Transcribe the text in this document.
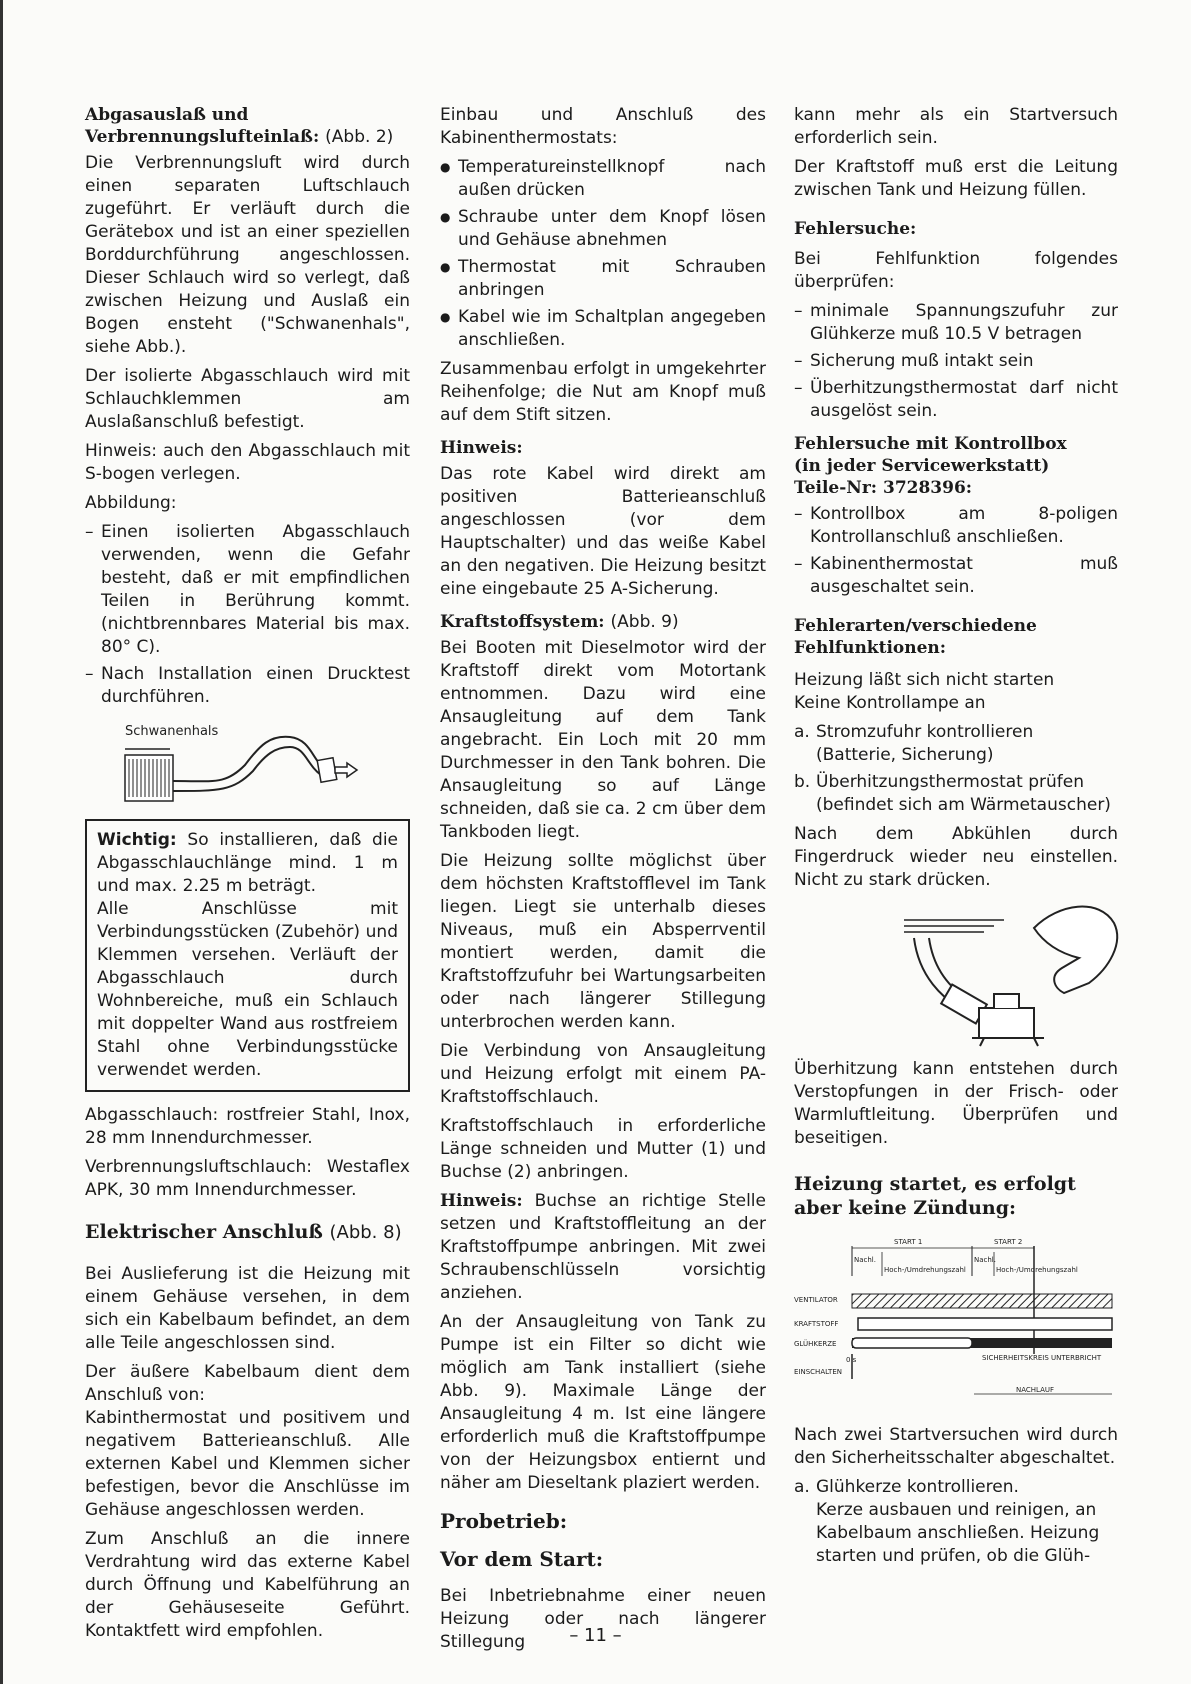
Abgasauslaß und Verbrennungslufteinlaß: (Abb. 2)

Die Verbrennungsluft wird durch einen separaten Luftschlauch zugeführt. Er verläuft durch die Gerätebox und ist an einer speziellen Borddurchführung angeschlossen. Dieser Schlauch wird so verlegt, daß zwischen Heizung und Auslaß ein Bogen ensteht ("Schwanenhals", siehe Abb.).

Der isolierte Abgasschlauch wird mit Schlauchklemmen am Auslaßanschluß befestigt.

Hinweis: auch den Abgasschlauch mit S-bogen verlegen.

Abbildung:

– Einen isolierten Abgasschlauch verwenden, wenn die Gefahr besteht, daß er mit empfindlichen Teilen in Berührung kommt. (nichtbrennbares Material bis max. 80° C).
– Nach Installation einen Drucktest durchführen.
Schwanenhals

Wichtig: So installieren, daß die Abgasschlauchlänge mind. 1 m und max. 2.25 m beträgt.

Alle Anschlüsse mit Verbindungsstücken (Zubehör) und Klemmen versehen. Verläuft der Abgasschlauch durch Wohnbereiche, muß ein Schlauch mit doppelter Wand aus rostfreiem Stahl ohne Verbindungsstücke verwendet werden.

Abgasschlauch: rostfreier Stahl, Inox, 28 mm Innendurchmesser.

Verbrennungsluftschlauch: Westaflex APK, 30 mm Innendurchmesser.

Elektrischer Anschluß (Abb. 8)

Bei Auslieferung ist die Heizung mit einem Gehäuse versehen, in dem sich ein Kabelbaum befindet, an dem alle Teile angeschlossen sind.

Der äußere Kabelbaum dient dem Anschluß von:

Kabinthermostat und positivem und negativem Batterieanschluß. Alle externen Kabel und Klemmen sicher befestigen, bevor die Anschlüsse im Gehäuse angeschlossen werden.

Zum Anschluß an die innere Verdrahtung wird das externe Kabel durch Öffnung und Kabelführung an der Gehäuseseite Geführt. Kontaktfett wird empfohlen.

Einbau und Anschluß des Kabinenthermostats:

● Temperatureinstellknopf nach außen drücken
● Schraube unter dem Knopf lösen und Gehäuse abnehmen
● Thermostat mit Schrauben anbringen
● Kabel wie im Schaltplan angegeben anschließen.

Zusammenbau erfolgt in umgekehrter Reihenfolge; die Nut am Knopf muß auf dem Stift sitzen.

Hinweis:

Das rote Kabel wird direkt am positiven Batterieanschluß angeschlossen (vor dem Hauptschalter) und das weiße Kabel an den negativen. Die Heizung besitzt eine eingebaute 25 A-Sicherung.

Kraftstoffsystem: (Abb. 9)

Bei Booten mit Dieselmotor wird der Kraftstoff direkt vom Motortank entnommen. Dazu wird eine Ansaugleitung auf dem Tank angebracht. Ein Loch mit 20 mm Durchmesser in den Tank bohren. Die Ansaugleitung so auf Länge schneiden, daß sie ca. 2 cm über dem Tankboden liegt.

Die Heizung sollte möglichst über dem höchsten Kraftstofflevel im Tank liegen. Liegt sie unterhalb dieses Niveaus, muß ein Absperrventil montiert werden, damit die Kraftstoffzufuhr bei Wartungsarbeiten oder nach längerer Stillegung unterbrochen werden kann.

Die Verbindung von Ansaugleitung und Heizung erfolgt mit einem PA-Kraftstoffschlauch.

Kraftstoffschlauch in erforderliche Länge schneiden und Mutter (1) und Buchse (2) anbringen.

Hinweis: Buchse an richtige Stelle setzen und Kraftstoffleitung an der Kraftstoffpumpe anbringen. Mit zwei Schraubenschlüsseln vorsichtig anziehen.

An der Ansaugleitung von Tank zu Pumpe ist ein Filter so dicht wie möglich am Tank installiert (siehe Abb. 9). Maximale Länge der Ansaugleitung 4 m. Ist eine längere erforderlich muß die Kraftstoffpumpe von der Heizungsbox entiernt und näher am Dieseltank plaziert werden.

Probetrieb:
Vor dem Start:

Bei Inbetriebnahme einer neuen Heizung oder nach längerer Stillegung

kann mehr als ein Startversuch erforderlich sein.

Der Kraftstoff muß erst die Leitung zwischen Tank und Heizung füllen.

Fehlersuche:

Bei Fehlfunktion folgendes überprüfen:

– minimale Spannungszufuhr zur Glühkerze muß 10.5 V betragen
– Sicherung muß intakt sein
– Überhitzungsthermostat darf nicht ausgelöst sein.
Fehlersuche mit Kontrollbox
(in jeder Servicewerkstatt)
Teile-Nr: 3728396:
– Kontrollbox am 8-poligen Kontrollanschluß anschließen.
– Kabinenthermostat muß ausgeschaltet sein.
Fehlerarten/verschiedene
Fehlfunktionen:

Heizung läßt sich nicht starten

Keine Kontrollampe an

a. Stromzufuhr kontrollieren (Batterie, Sicherung)
b. Überhitzungsthermostat prüfen (befindet sich am Wärmetauscher)

Nach dem Abkühlen durch Fingerdruck wieder neu einstellen. Nicht zu stark drücken.

Überhitzung kann entstehen durch Verstopfungen in der Frisch- oder Warmluftleitung. Überprüfen und beseitigen.

Heizung startet, es erfolgt aber keine Zündung:
START 1	START 2
Nachl.	Nachl.
Hoch-/Umdrehungszahl	Hoch-/Umdrehungszahl
VENTILATOR
KRAFTSTOFF
GLÜHKERZE
EINSCHALTEN
0 s	SICHERHEITSKREIS UNTERBRICHT
NACHLAUF

Nach zwei Startversuchen wird durch den Sicherheitsschalter abgeschaltet.

a. Glühkerze kontrollieren.
Kerze ausbauen und reinigen, an Kabelbaum anschließen. Heizung starten und prüfen, ob die Glüh-
– 11 –
